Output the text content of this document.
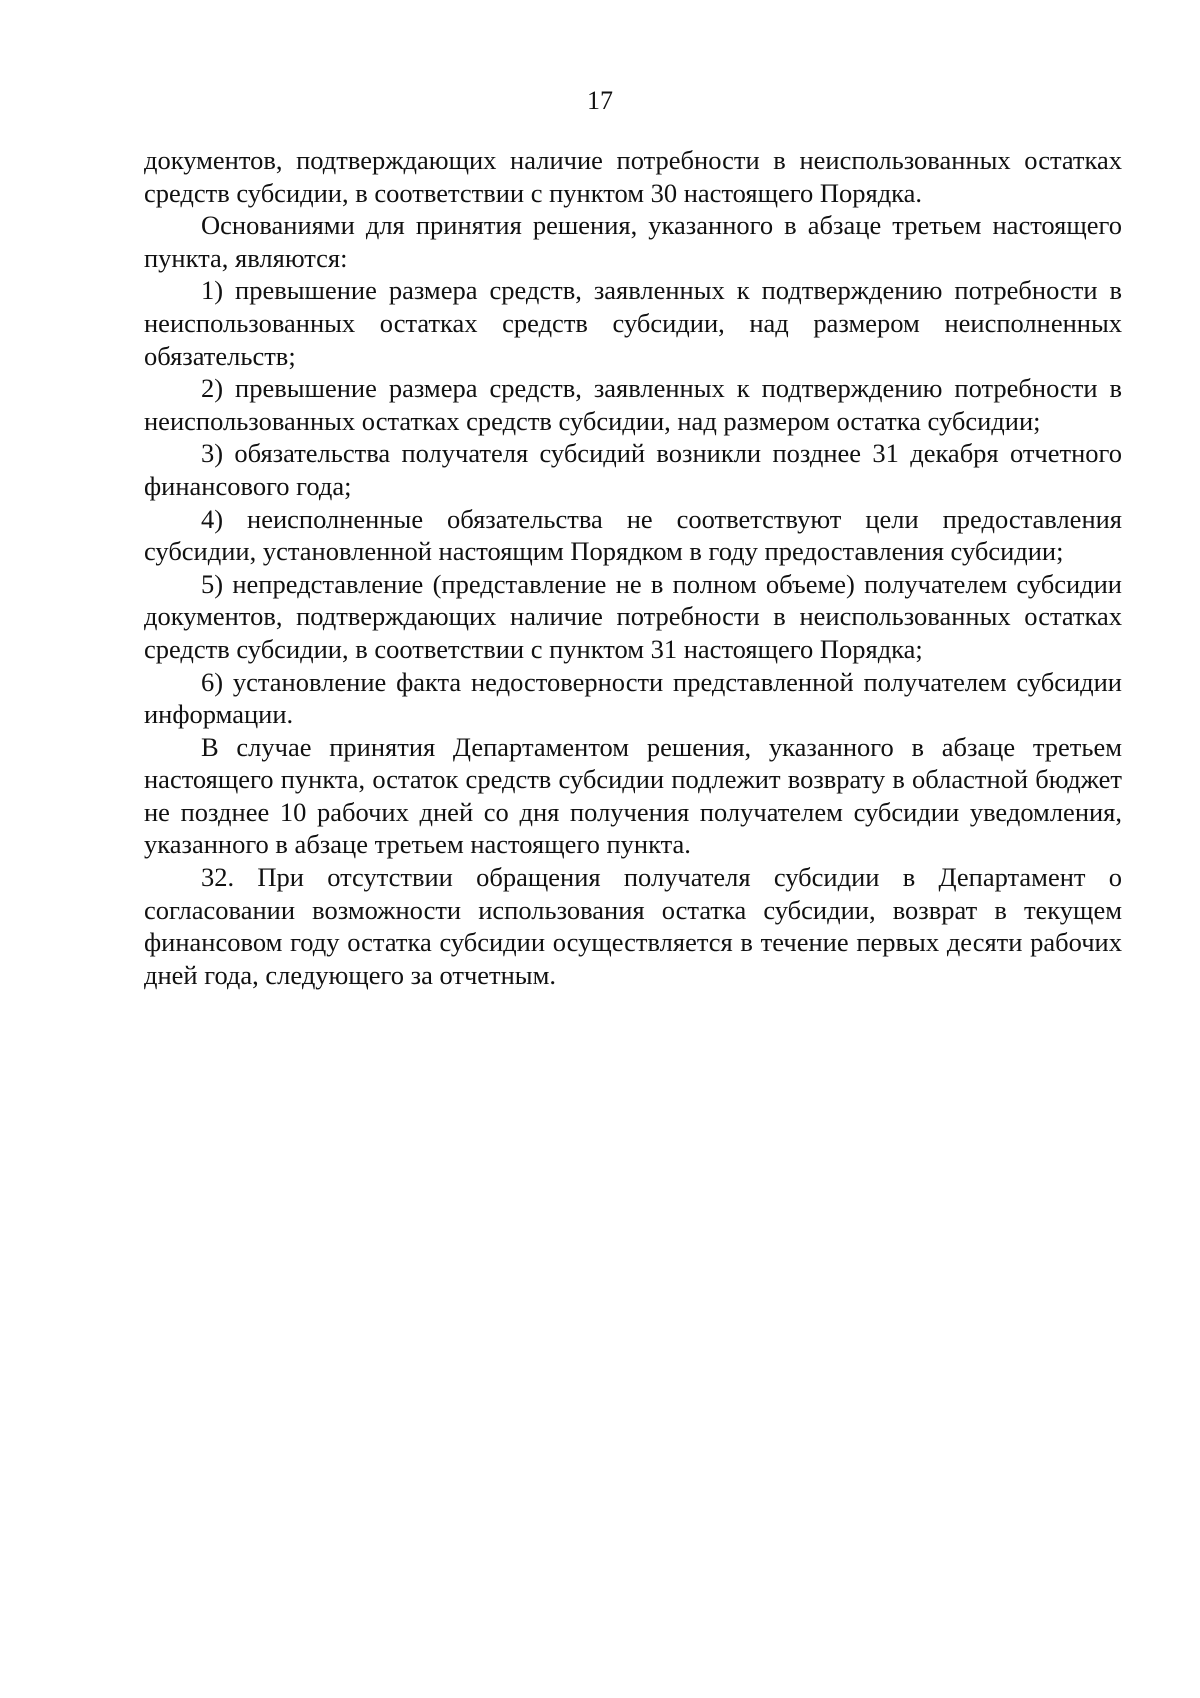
17

документов, подтверждающих наличие потребности в неиспользованных остатках средств субсидии, в соответствии с пунктом 30 настоящего Порядка.

Основаниями для принятия решения, указанного в абзаце третьем настоящего пункта, являются:

1) превышение размера средств, заявленных к подтверждению потребности в неиспользованных остатках средств субсидии, над размером неисполненных обязательств;

2) превышение размера средств, заявленных к подтверждению потребности в неиспользованных остатках средств субсидии, над размером остатка субсидии;

3) обязательства получателя субсидий возникли позднее 31 декабря отчетного финансового года;

4) неисполненные обязательства не соответствуют цели предоставления субсидии, установленной настоящим Порядком в году предоставления субсидии;

5) непредставление (представление не в полном объеме) получателем субсидии документов, подтверждающих наличие потребности в неиспользованных остатках средств субсидии, в соответствии с пунктом 31 настоящего Порядка;

6) установление факта недостоверности представленной получателем субсидии информации.

В случае принятия Департаментом решения, указанного в абзаце третьем настоящего пункта, остаток средств субсидии подлежит возврату в областной бюджет не позднее 10 рабочих дней со дня получения получателем субсидии уведомления, указанного в абзаце третьем настоящего пункта.

32. При отсутствии обращения получателя субсидии в Департамент о согласовании возможности использования остатка субсидии, возврат в текущем финансовом году остатка субсидии осуществляется в течение первых десяти рабочих дней года, следующего за отчетным.
